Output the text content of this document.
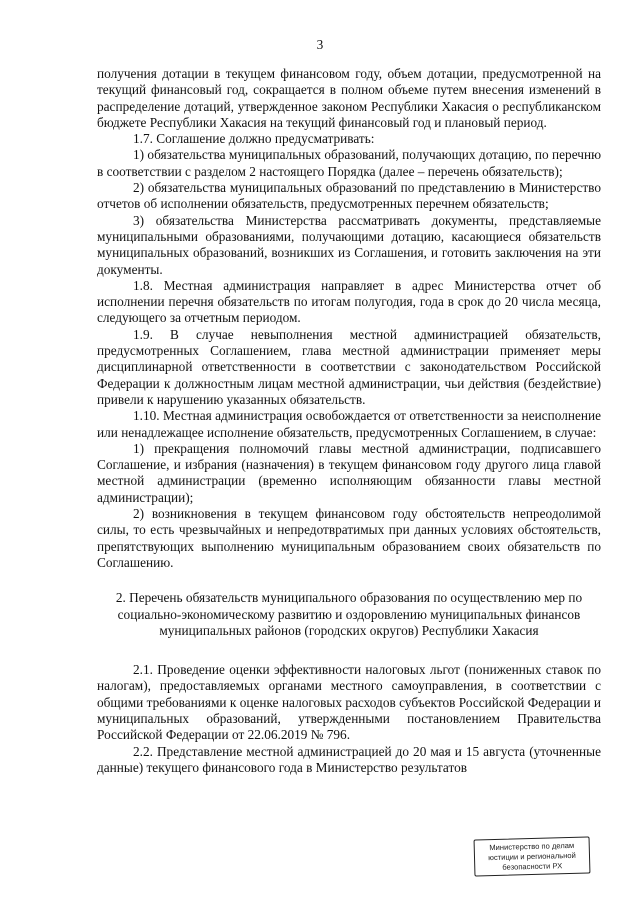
3

получения дотации в текущем финансовом году, объем дотации, предусмотренной на текущий финансовый год, сокращается в полном объеме путем внесения изменений в распределение дотаций, утвержденное законом Республики Хакасия о республиканском бюджете Республики Хакасия на текущий финансовый год и плановый период.

1.7. Соглашение должно предусматривать:

1) обязательства муниципальных образований, получающих дотацию, по перечню в соответствии с разделом 2 настоящего Порядка (далее – перечень обязательств);

2) обязательства муниципальных образований по представлению в Министерство отчетов об исполнении обязательств, предусмотренных перечнем обязательств;

3) обязательства Министерства рассматривать документы, представляемые муниципальными образованиями, получающими дотацию, касающиеся обязательств муниципальных образований, возникших из Соглашения, и готовить заключения на эти документы.

1.8. Местная администрация направляет в адрес Министерства отчет об исполнении перечня обязательств по итогам полугодия, года в срок до 20 числа месяца, следующего за отчетным периодом.

1.9. В случае невыполнения местной администрацией обязательств, предусмотренных Соглашением, глава местной администрации применяет меры дисциплинарной ответственности в соответствии с законодательством Российской Федерации к должностным лицам местной администрации, чьи действия (бездействие) привели к нарушению указанных обязательств.

1.10. Местная администрация освобождается от ответственности за неисполнение или ненадлежащее исполнение обязательств, предусмотренных Соглашением, в случае:

1) прекращения полномочий главы местной администрации, подписавшего Соглашение, и избрания (назначения) в текущем финансовом году другого лица главой местной администрации (временно исполняющим обязанности главы местной администрации);

2) возникновения в текущем финансовом году обстоятельств непреодолимой силы, то есть чрезвычайных и непредотвратимых при данных условиях обстоятельств, препятствующих выполнению муниципальным образованием своих обязательств по Соглашению.

2. Перечень обязательств муниципального образования по осуществлению мер по
социально-экономическому развитию и оздоровлению муниципальных финансов
муниципальных районов (городских округов) Республики Хакасия

2.1. Проведение оценки эффективности налоговых льгот (пониженных ставок по налогам), предоставляемых органами местного самоуправления, в соответствии с общими требованиями к оценке налоговых расходов субъектов Российской Федерации и муниципальных образований, утвержденными постановлением Правительства Российской Федерации от 22.06.2019 № 796.

2.2. Представление местной администрацией до 20 мая и 15 августа (уточненные данные) текущего финансового года в Министерство результатов

Министерство по делам
юстиции и региональной
безопасности РХ
